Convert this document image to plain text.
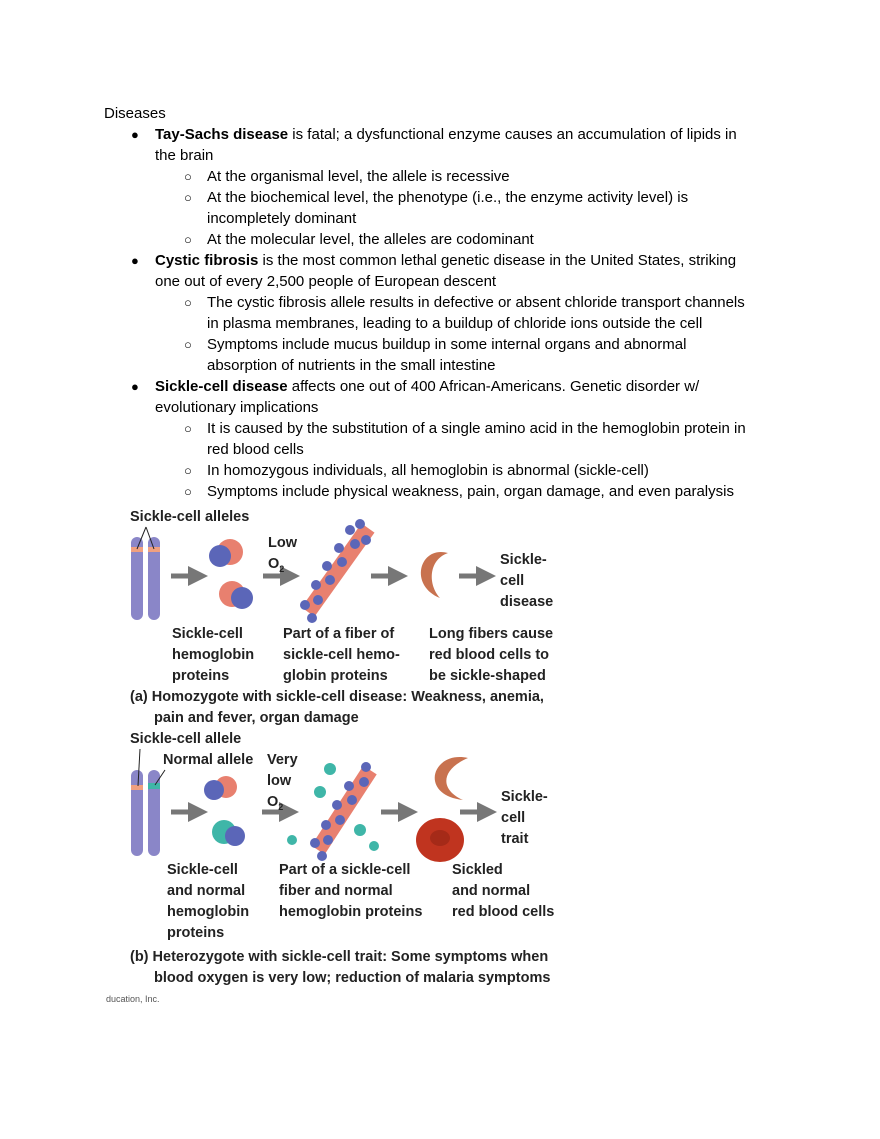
Diseases
● Tay-Sachs disease is fatal; a dysfunctional enzyme causes an accumulation of lipids in
the brain
○ At the organismal level, the allele is recessive
○ At the biochemical level, the phenotype (i.e., the enzyme activity level) is
incompletely dominant
○ At the molecular level, the alleles are codominant
● Cystic fibrosis is the most common lethal genetic disease in the United States, striking
one out of every 2,500 people of European descent
○ The cystic fibrosis allele results in defective or absent chloride transport channels
in plasma membranes, leading to a buildup of chloride ions outside the cell
○ Symptoms include mucus buildup in some internal organs and abnormal
absorption of nutrients in the small intestine
● Sickle-cell disease affects one out of 400 African-Americans. Genetic disorder w/
evolutionary implications
○ It is caused by the substitution of a single amino acid in the hemoglobin protein in
red blood cells
○ In homozygous individuals, all hemoglobin is abnormal (sickle-cell)
○ Symptoms include physical weakness, pain, organ damage, and even paralysis
Sickle-cell alleles
Low
$O_2$
Sickle-
cell
disease
Sickle-cell
hemoglobin
proteins
Part of a fiber of
sickle-cell hemo-
globin proteins
Long fibers cause
red blood cells to
be sickle-shaped
(a) Homozygote with sickle-cell disease: Weakness, anemia,
pain and fever, organ damage
Sickle-cell allele
Normal allele Very
low
$O_2$
Sickle-
cell
trait
Sickle-cell
and normal
hemoglobin
proteins
Part of a sickle-cell
fiber and normal
hemoglobin proteins
Sickled
and normal
red blood cells
(b) Heterozygote with sickle-cell trait: Some symptoms when
blood oxygen is very low; reduction of malaria symptoms
ducation, Inc.
